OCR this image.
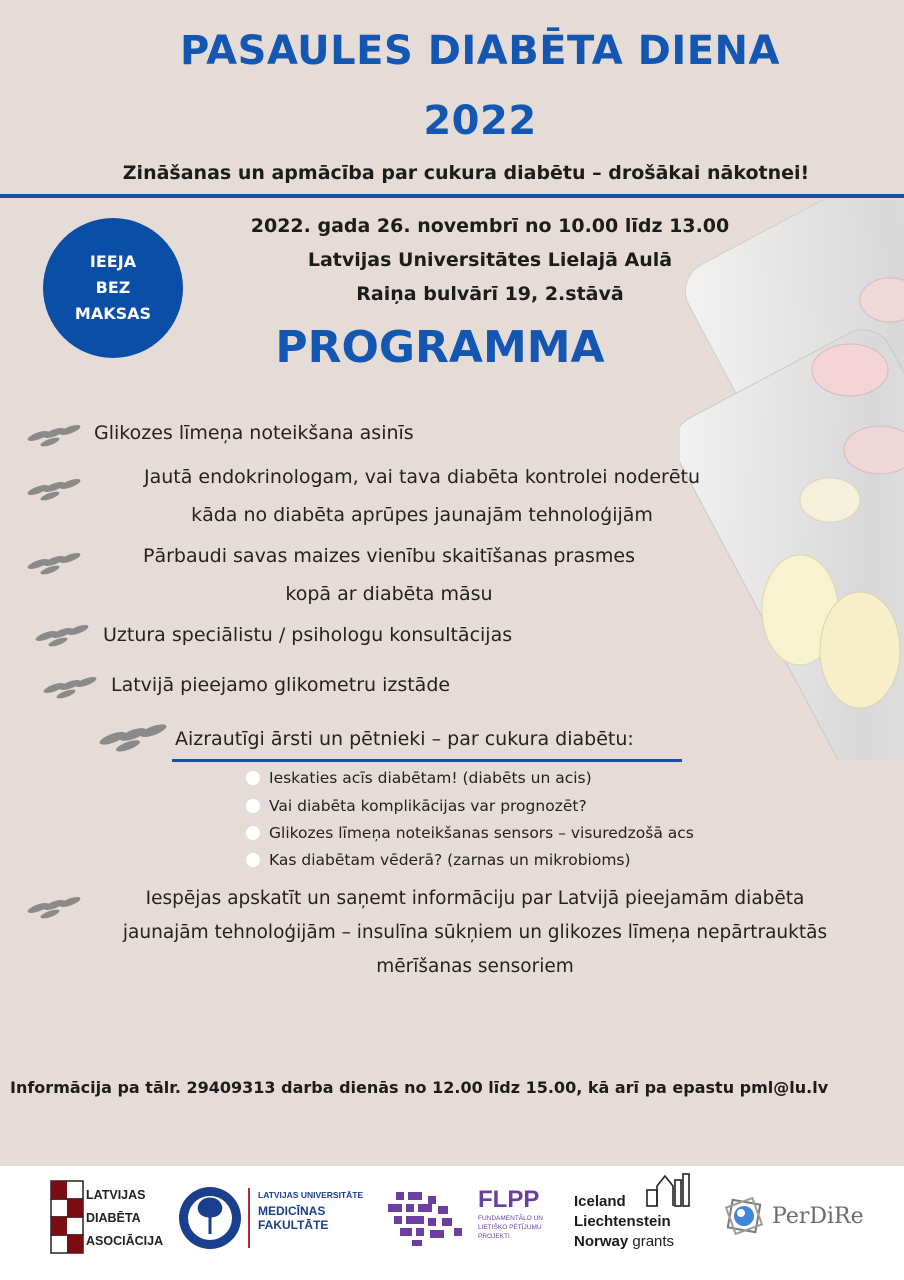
PASAULES DIABĒTA DIENA
2022
Zināšanas un apmācība par cukura diabētu – drošākai nākotnei!
IEEJA
BEZ
MAKSAS
2022. gada 26. novembrī no 10.00 līdz 13.00
Latvijas Universitātes Lielajā Aulā
Raiņa bulvārī 19, 2.stāvā
PROGRAMMA
Glikozes līmeņa noteikšana asinīs
Jautā endokrinologam, vai tava diabēta kontrolei noderētu
kāda no diabēta aprūpes jaunajām tehnoloģijām
Pārbaudi savas maizes vienību skaitīšanas prasmes
kopā ar diabēta māsu
Uztura speciālistu / psihologu konsultācijas
Latvijā pieejamo glikometru izstāde
Aizrautīgi ārsti un pētnieki – par cukura diabētu:
Ieskaties acīs diabētam! (diabēts un acis)
Vai diabēta komplikācijas var prognozēt?
Glikozes līmeņa noteikšanas sensors – visuredzošā acs
Kas diabētam vēderā? (zarnas un mikrobioms)
Iespējas apskatīt un saņemt informāciju par Latvijā pieejamām diabēta
jaunajām tehnoloģijām – insulīna sūkņiem un glikozes līmeņa nepārtrauktās
mērīšanas sensoriem
Informācija pa tālr. 29409313 darba dienās no 12.00 līdz 15.00, kā arī pa epastu pml@lu.lv
LATVIJAS
DIABĒTA
ASOCIĀCIJA
LATVIJAS UNIVERSITĀTE
MEDICĪNAS
FAKULTĀTE
FLPP
FUNDAMENTĀLO UN
LIETIŠĶO PĒTĪJUMU
PROJEKTI
Iceland
Liechtenstein
Norway grants
PerDiRe
